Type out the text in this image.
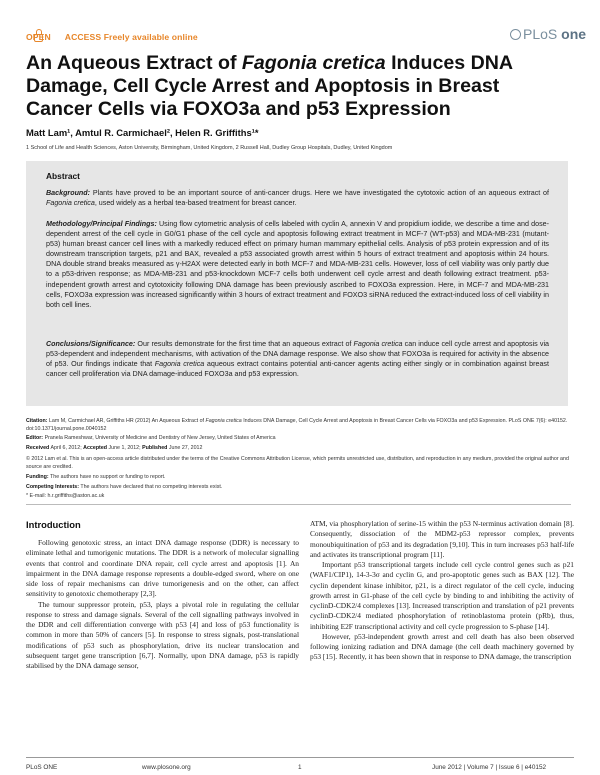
OPEN ACCESS Freely available online	PLoS one

An Aqueous Extract of Fagonia cretica Induces DNA

Damage, Cell Cycle Arrest and Apoptosis in Breast

Cancer Cells via FOXO3a and p53 Expression

Matt Lam¹, Amtul R. Carmichael², Helen R. Griffiths¹*
1 School of Life and Health Sciences, Aston University, Birmingham, United Kingdom, 2 Russell Hall, Dudley Group Hospitals, Dudley, United Kingdom
Abstract
Background: Plants have proved to be an important source of anti-cancer drugs. Here we have investigated the cytotoxic action of an aqueous extract of Fagonia cretica, used widely as a herbal tea-based treatment for breast cancer.
Methodology/Principal Findings: Using flow cytometric analysis of cells labeled with cyclin A, annexin V and propidium iodide, we describe a time and dose-dependent arrest of the cell cycle in G0/G1 phase of the cell cycle and apoptosis following extract treatment in MCF-7 (WT-p53) and MDA-MB-231 (mutant-p53) human breast cancer cell lines with a markedly reduced effect on primary human mammary epithelial cells. Analysis of p53 protein expression and of its downstream transcription targets, p21 and BAX, revealed a p53 associated growth arrest within 5 hours of extract treatment and apoptosis within 24 hours. DNA double strand breaks measured as γ-H2AX were detected early in both MCF-7 and MDA-MB-231 cells. However, loss of cell viability was only partly due to a p53-driven response; as MDA-MB-231 and p53-knockdown MCF-7 cells both underwent cell cycle arrest and death following extract treatment. p53-independent growth arrest and cytotoxicity following DNA damage has been previously ascribed to FOXO3a expression. Here, in MCF-7 and MDA-MB-231 cells, FOXO3a expression was increased significantly within 3 hours of extract treatment and FOXO3 siRNA reduced the extract-induced loss of cell viability in both cell lines.
Conclusions/Significance: Our results demonstrate for the first time that an aqueous extract of Fagonia cretica can induce cell cycle arrest and apoptosis via p53-dependent and independent mechanisms, with activation of the DNA damage response. We also show that FOXO3a is required for activity in the absence of p53. Our findings indicate that Fagonia cretica aqueous extract contains potential anti-cancer agents acting either singly or in combination against breast cancer cell proliferation via DNA damage-induced FOXO3a and p53 expression.
Citation: Lam M, Carmichael AR, Griffiths HR (2012) An Aqueous Extract of Fagonia cretica Induces DNA Damage, Cell Cycle Arrest and Apoptosis in Breast Cancer Cells via FOXO3a and p53 Expression. PLoS ONE 7(6): e40152. doi:10.1371/journal.pone.0040152
Editor: Pranela Rameshwar, University of Medicine and Dentistry of New Jersey, United States of America
Received April 6, 2012; Accepted June 1, 2012; Published June 27, 2012
© 2012 Lam et al. This is an open-access article distributed under the terms of the Creative Commons Attribution License, which permits unrestricted use, distribution, and reproduction in any medium, provided the original author and source are credited.
Funding: The authors have no support or funding to report.
Competing Interests: The authors have declared that no competing interests exist.
* E-mail: h.r.griffiths@aston.ac.uk
Introduction

Following genotoxic stress, an intact DNA damage response (DDR) is necessary to eliminate lethal and tumorigenic mutations. The DDR is a network of molecular signalling events that control and coordinate DNA repair, cell cycle arrest and apoptosis [1]. An impairment in the DNA damage response represents a double-edged sword, where on one side loss of repair mechanisms can drive tumorigenesis and on the other, can affect sensitivity to genotoxic chemotherapy [2,3].

The tumour suppressor protein, p53, plays a pivotal role in regulating the cellular response to stress and damage signals. Several of the cell signalling pathways involved in the DDR and cell differentiation converge with p53 [4] and loss of p53 functionality is common in more than 50% of cancers [5]. In response to stress signals, post-translational modifications of p53 such as phosphorylation, drive its nuclear translocation and subsequent target gene transcription [6,7]. Normally, upon DNA damage, p53 is rapidly stabilised by the DNA damage sensor,

ATM, via phosphorylation of serine-15 within the p53 N-terminus activation domain [8]. Consequently, dissociation of the MDM2-p53 repressor complex, prevents monoubiquitination of p53 and its degradation [9,10]. This in turn increases p53 half-life and activates its transcriptional program [11].

Important p53 transcriptional targets include cell cycle control genes such as p21 (WAF1/CIP1), 14-3-3σ and cyclin G, and pro-apoptotic genes such as BAX [12]. The cyclin dependent kinase inhibitor, p21, is a direct regulator of the cell cycle, inducing growth arrest in G1-phase of the cell cycle by binding to and inhibiting the activity of cyclinD-CDK2/4 complexes [13]. Increased transcription and translation of p21 prevents cyclinD-CDK2/4 mediated phosphorylation of retinoblastoma protein (pRb), thus, inhibiting E2F transcriptional activity and cell cycle progression to S-phase [14].

However, p53-independent growth arrest and cell death has also been observed following ionizing radiation and DNA damage (the cell death machinery governed by p53 [15]. Recently, it has been shown that in response to DNA damage, the transcription

PLoS ONE	www.plosone.org	1	June 2012 | Volume 7 | Issue 6 | e40152
